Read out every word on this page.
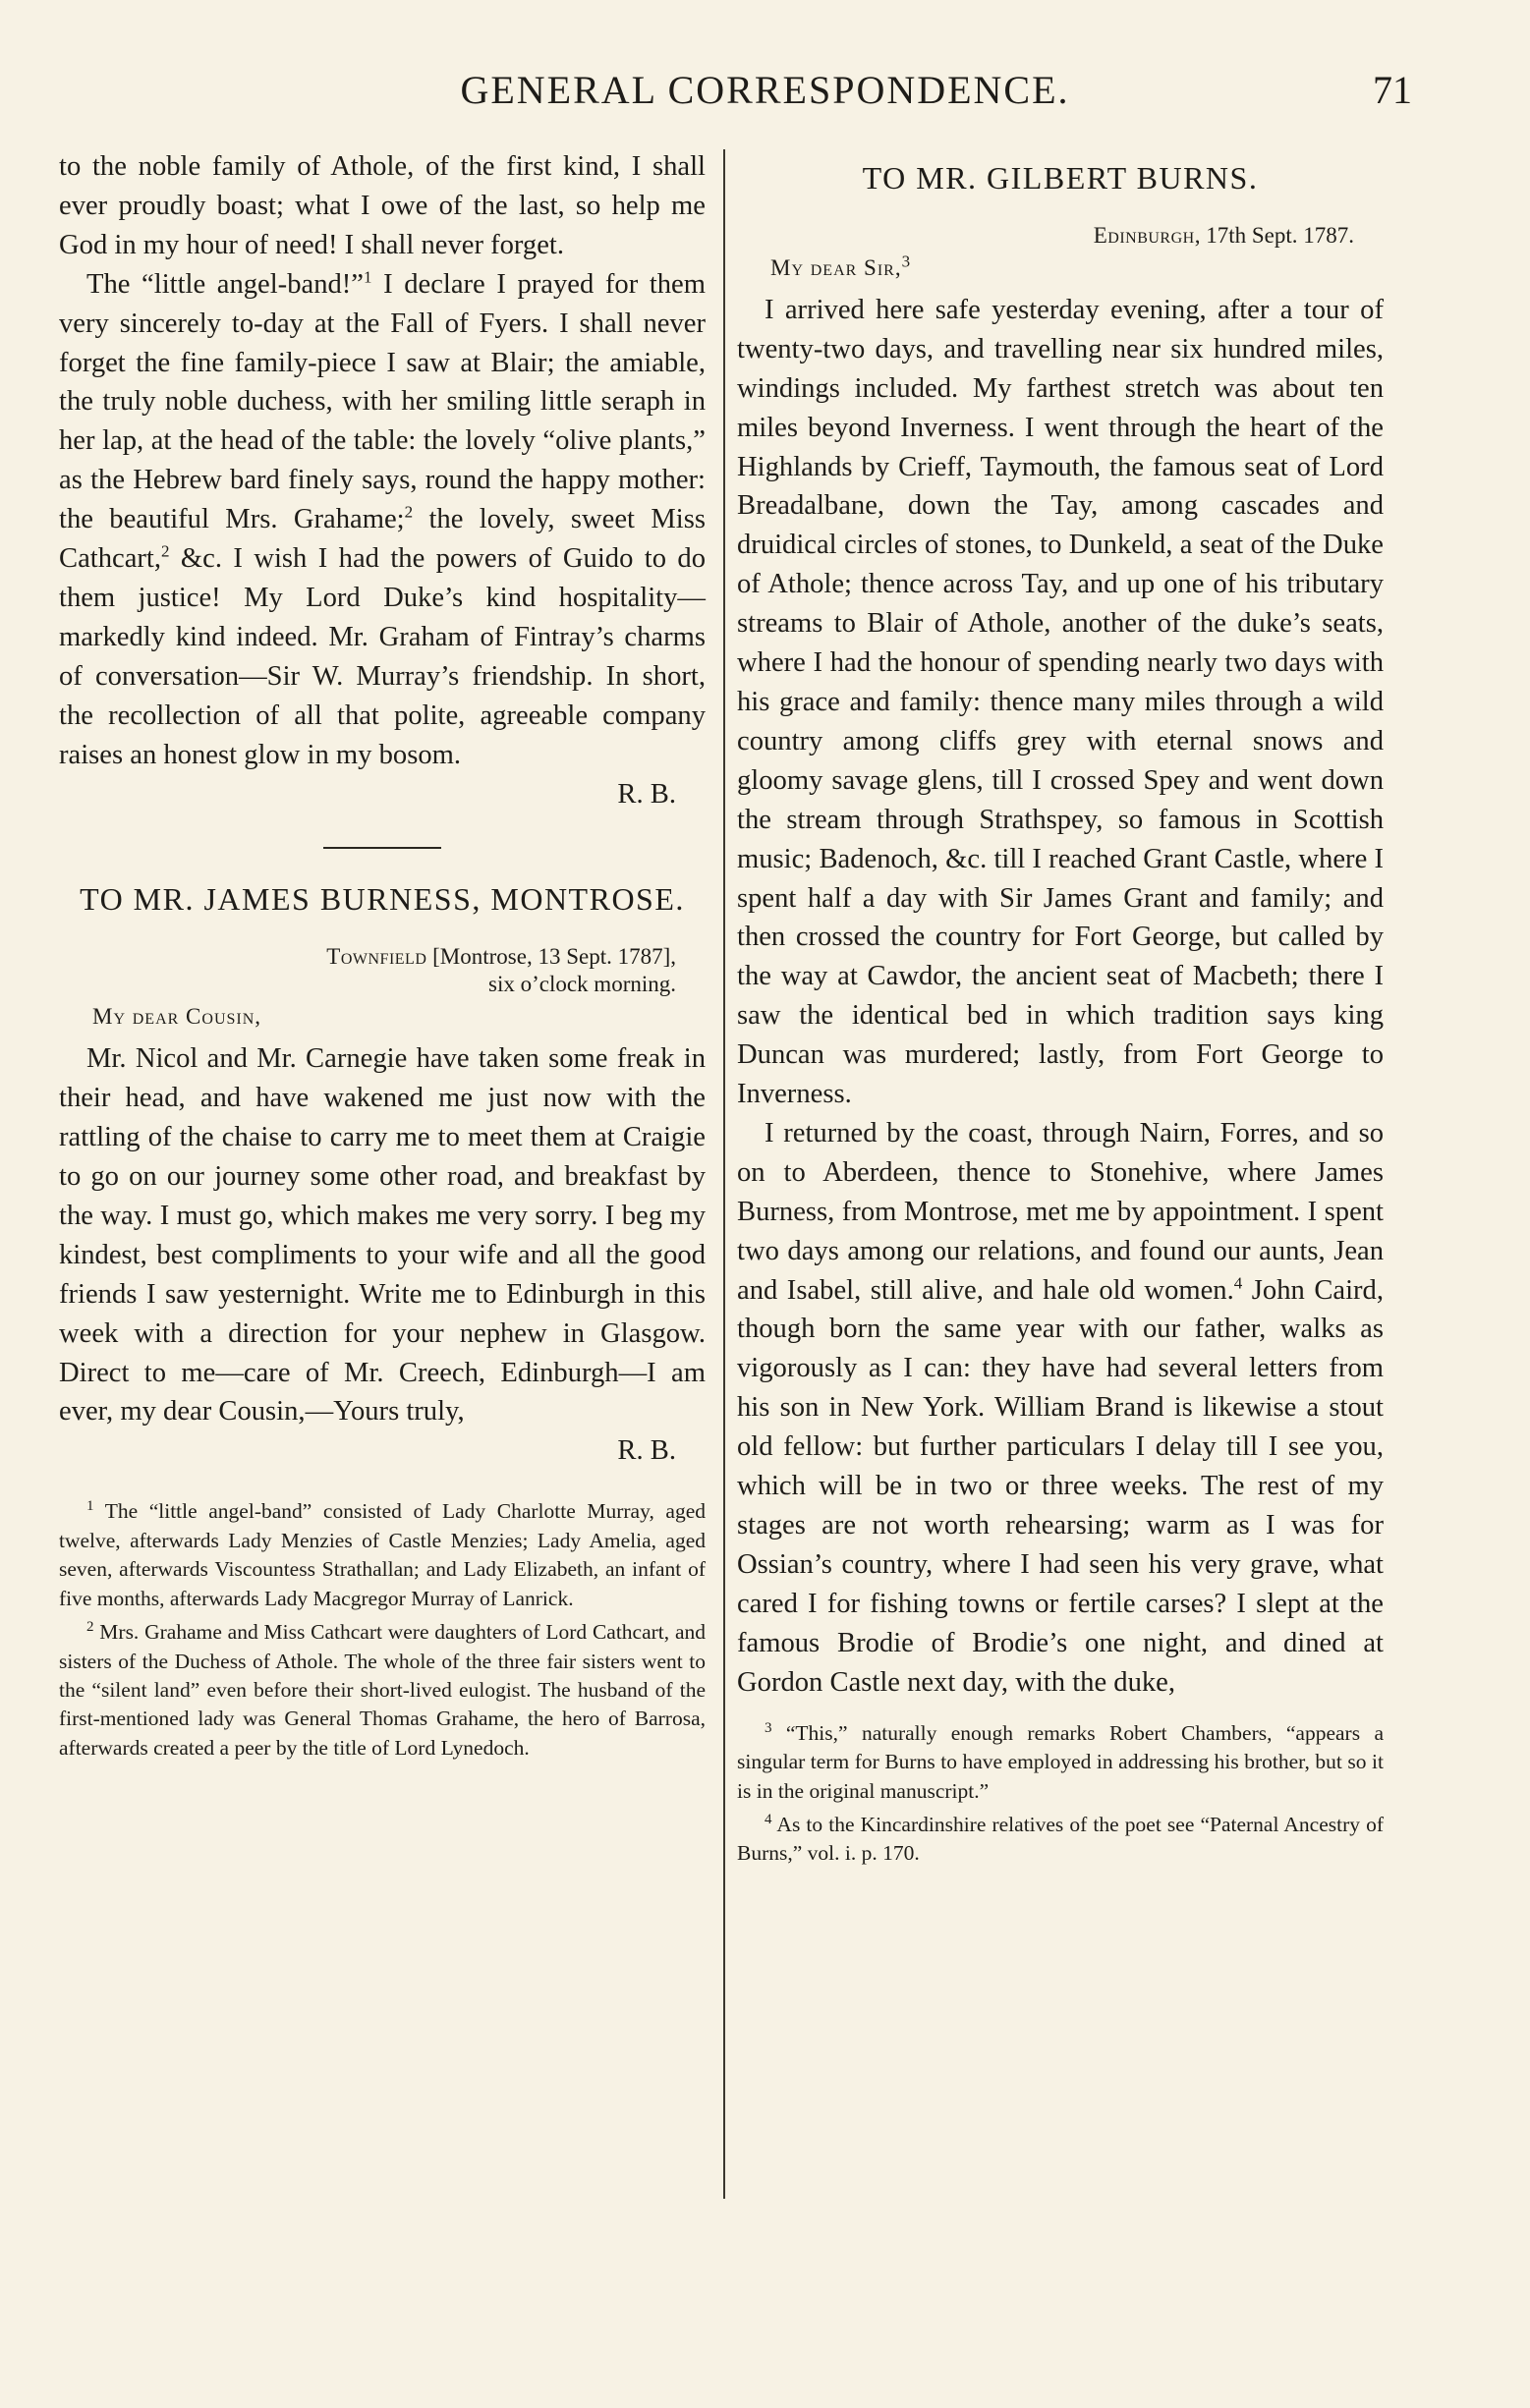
GENERAL CORRESPONDENCE.	71

to the noble family of Athole, of the first kind, I shall ever proudly boast; what I owe of the last, so help me God in my hour of need! I shall never forget.

The “little angel-band!”$^1$ I declare I prayed for them very sincerely to-day at the Fall of Fyers. I shall never forget the fine family-piece I saw at Blair; the amiable, the truly noble duchess, with her smiling little seraph in her lap, at the head of the table: the lovely “olive plants,” as the Hebrew bard finely says, round the happy mother: the beautiful Mrs. Grahame;$^2$ the lovely, sweet Miss Cathcart,$^2$ &c. I wish I had the powers of Guido to do them justice! My Lord Duke’s kind hospitality—markedly kind indeed. Mr. Graham of Fintray’s charms of conversation—Sir W. Murray’s friendship. In short, the recollection of all that polite, agreeable company raises an honest glow in my bosom.

R. B.

TO MR. JAMES BURNESS, MONTROSE.
Townfield [Montrose, 13 Sept. 1787],
six o’clock morning.
My dear Cousin,

Mr. Nicol and Mr. Carnegie have taken some freak in their head, and have wakened me just now with the rattling of the chaise to carry me to meet them at Craigie to go on our journey some other road, and breakfast by the way. I must go, which makes me very sorry. I beg my kindest, best compliments to your wife and all the good friends I saw yesternight. Write me to Edinburgh in this week with a direction for your nephew in Glasgow. Direct to me—care of Mr. Creech, Edinburgh—I am ever, my dear Cousin,—Yours truly,

R. B.

$^1$ The “little angel-band” consisted of Lady Charlotte Murray, aged twelve, afterwards Lady Menzies of Castle Menzies; Lady Amelia, aged seven, afterwards Viscountess Strathallan; and Lady Elizabeth, an infant of five months, afterwards Lady Macgregor Murray of Lanrick.

$^2$ Mrs. Grahame and Miss Cathcart were daughters of Lord Cathcart, and sisters of the Duchess of Athole. The whole of the three fair sisters went to the “silent land” even before their short-lived eulogist. The husband of the first-mentioned lady was General Thomas Grahame, the hero of Barrosa, afterwards created a peer by the title of Lord Lynedoch.

TO MR. GILBERT BURNS.
Edinburgh, 17th Sept. 1787.
My dear Sir,$^3$

I arrived here safe yesterday evening, after a tour of twenty-two days, and travelling near six hundred miles, windings included. My farthest stretch was about ten miles beyond Inverness. I went through the heart of the Highlands by Crieff, Taymouth, the famous seat of Lord Breadalbane, down the Tay, among cascades and druidical circles of stones, to Dunkeld, a seat of the Duke of Athole; thence across Tay, and up one of his tributary streams to Blair of Athole, another of the duke’s seats, where I had the honour of spending nearly two days with his grace and family: thence many miles through a wild country among cliffs grey with eternal snows and gloomy savage glens, till I crossed Spey and went down the stream through Strathspey, so famous in Scottish music; Badenoch, &c. till I reached Grant Castle, where I spent half a day with Sir James Grant and family; and then crossed the country for Fort George, but called by the way at Cawdor, the ancient seat of Macbeth; there I saw the identical bed in which tradition says king Duncan was murdered; lastly, from Fort George to Inverness.

I returned by the coast, through Nairn, Forres, and so on to Aberdeen, thence to Stonehive, where James Burness, from Montrose, met me by appointment. I spent two days among our relations, and found our aunts, Jean and Isabel, still alive, and hale old women.$^4$ John Caird, though born the same year with our father, walks as vigorously as I can: they have had several letters from his son in New York. William Brand is likewise a stout old fellow: but further particulars I delay till I see you, which will be in two or three weeks. The rest of my stages are not worth rehearsing; warm as I was for Ossian’s country, where I had seen his very grave, what cared I for fishing towns or fertile carses? I slept at the famous Brodie of Brodie’s one night, and dined at Gordon Castle next day, with the duke,

$^3$ “This,” naturally enough remarks Robert Chambers, “appears a singular term for Burns to have employed in addressing his brother, but so it is in the original manuscript.”

$^4$ As to the Kincardinshire relatives of the poet see “Paternal Ancestry of Burns,” vol. i. p. 170.
